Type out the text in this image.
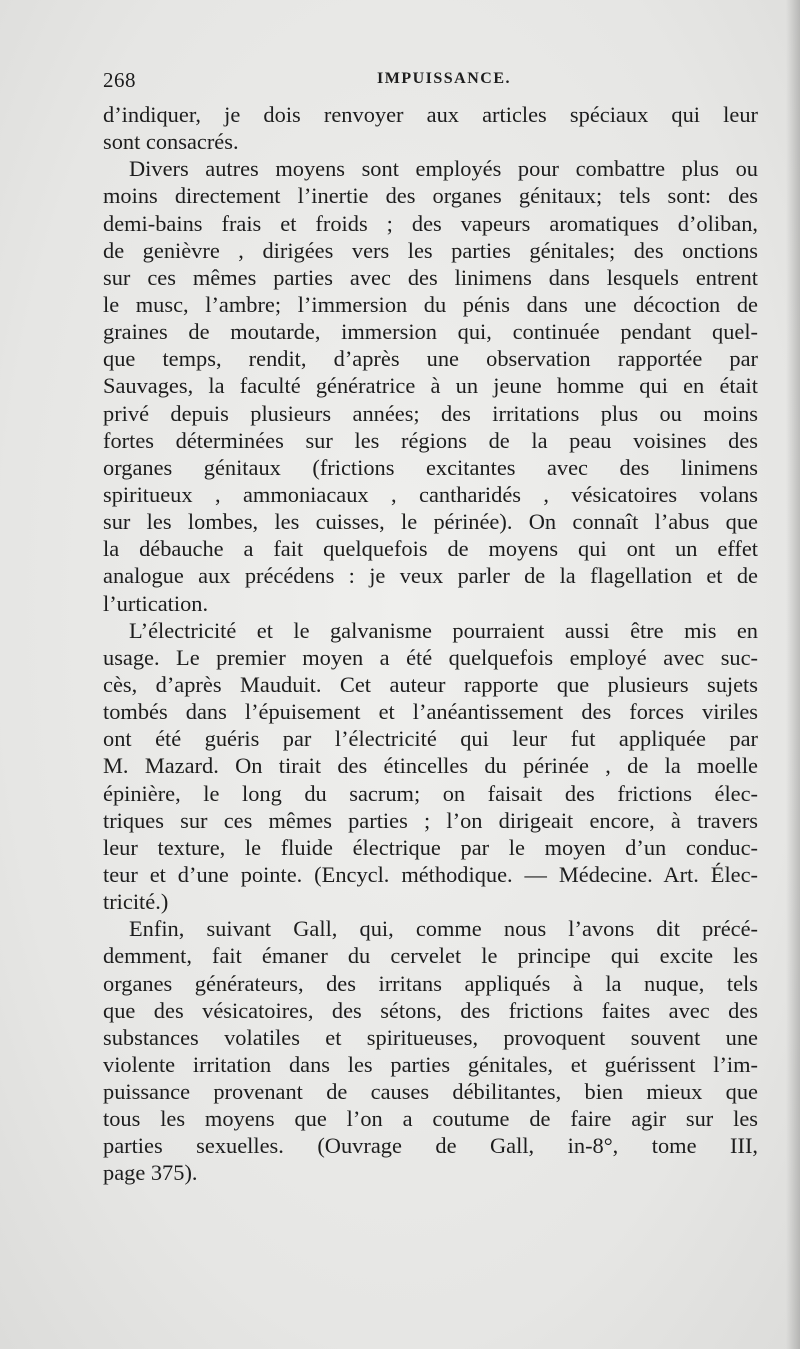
268	IMPUISSANCE.
d’indiquer, je dois renvoyer aux articles spéciaux qui leur
sont consacrés.
Divers autres moyens sont employés pour combattre plus ou
moins directement l’inertie des organes génitaux; tels sont: des
demi-bains frais et froids ; des vapeurs aromatiques d’oliban,
de genièvre , dirigées vers les parties génitales; des onctions
sur ces mêmes parties avec des linimens dans lesquels entrent
le musc, l’ambre; l’immersion du pénis dans une décoction de
graines de moutarde, immersion qui, continuée pendant quel-
que temps, rendit, d’après une observation rapportée par
Sauvages, la faculté génératrice à un jeune homme qui en était
privé depuis plusieurs années; des irritations plus ou moins
fortes déterminées sur les régions de la peau voisines des
organes génitaux (frictions excitantes avec des linimens
spiritueux , ammoniacaux , cantharidés , vésicatoires volans
sur les lombes, les cuisses, le périnée). On connaît l’abus que
la débauche a fait quelquefois de moyens qui ont un effet
analogue aux précédens : je veux parler de la flagellation et de
l’urtication.
L’électricité et le galvanisme pourraient aussi être mis en
usage. Le premier moyen a été quelquefois employé avec suc-
cès, d’après Mauduit. Cet auteur rapporte que plusieurs sujets
tombés dans l’épuisement et l’anéantissement des forces viriles
ont été guéris par l’électricité qui leur fut appliquée par
M. Mazard. On tirait des étincelles du périnée , de la moelle
épinière, le long du sacrum; on faisait des frictions élec-
triques sur ces mêmes parties ; l’on dirigeait encore, à travers
leur texture, le fluide électrique par le moyen d’un conduc-
teur et d’une pointe. (Encycl. méthodique. — Médecine. Art. Élec-
tricité.)
Enfin, suivant Gall, qui, comme nous l’avons dit précé-
demment, fait émaner du cervelet le principe qui excite les
organes générateurs, des irritans appliqués à la nuque, tels
que des vésicatoires, des sétons, des frictions faites avec des
substances volatiles et spiritueuses, provoquent souvent une
violente irritation dans les parties génitales, et guérissent l’im-
puissance provenant de causes débilitantes, bien mieux que
tous les moyens que l’on a coutume de faire agir sur les
parties sexuelles. (Ouvrage de Gall, in-8°, tome III,
page 375).
